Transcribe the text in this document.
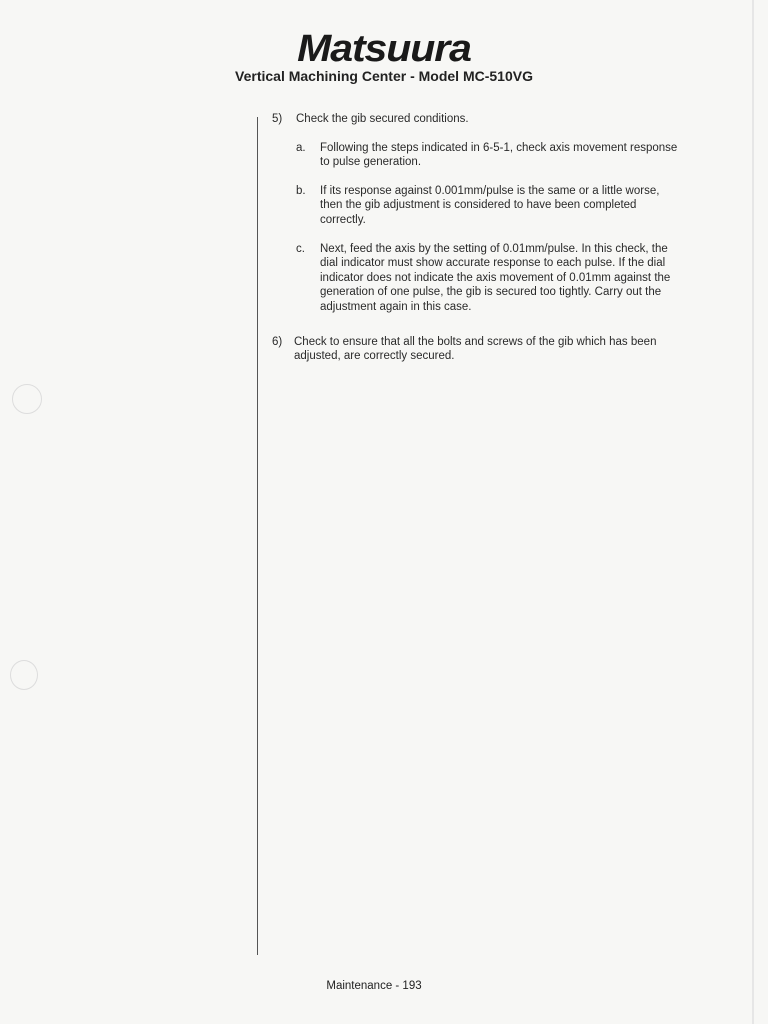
Matsuura
Vertical Machining Center - Model MC-510VG
5)	Check the gib secured conditions.
a.	Following the steps indicated in 6-5-1, check axis movement response to pulse generation.
b.	If its response against 0.001mm/pulse is the same or a little worse, then the gib adjustment is considered to have been completed correctly.
c.	Next, feed the axis by the setting of 0.01mm/pulse. In this check, the dial indicator must show accurate response to each pulse. If the dial indicator does not indicate the axis movement of 0.01mm against the generation of one pulse, the gib is secured too tightly. Carry out the adjustment again in this case.
6)	Check to ensure that all the bolts and screws of the gib which has been adjusted, are correctly secured.
Maintenance - 193
